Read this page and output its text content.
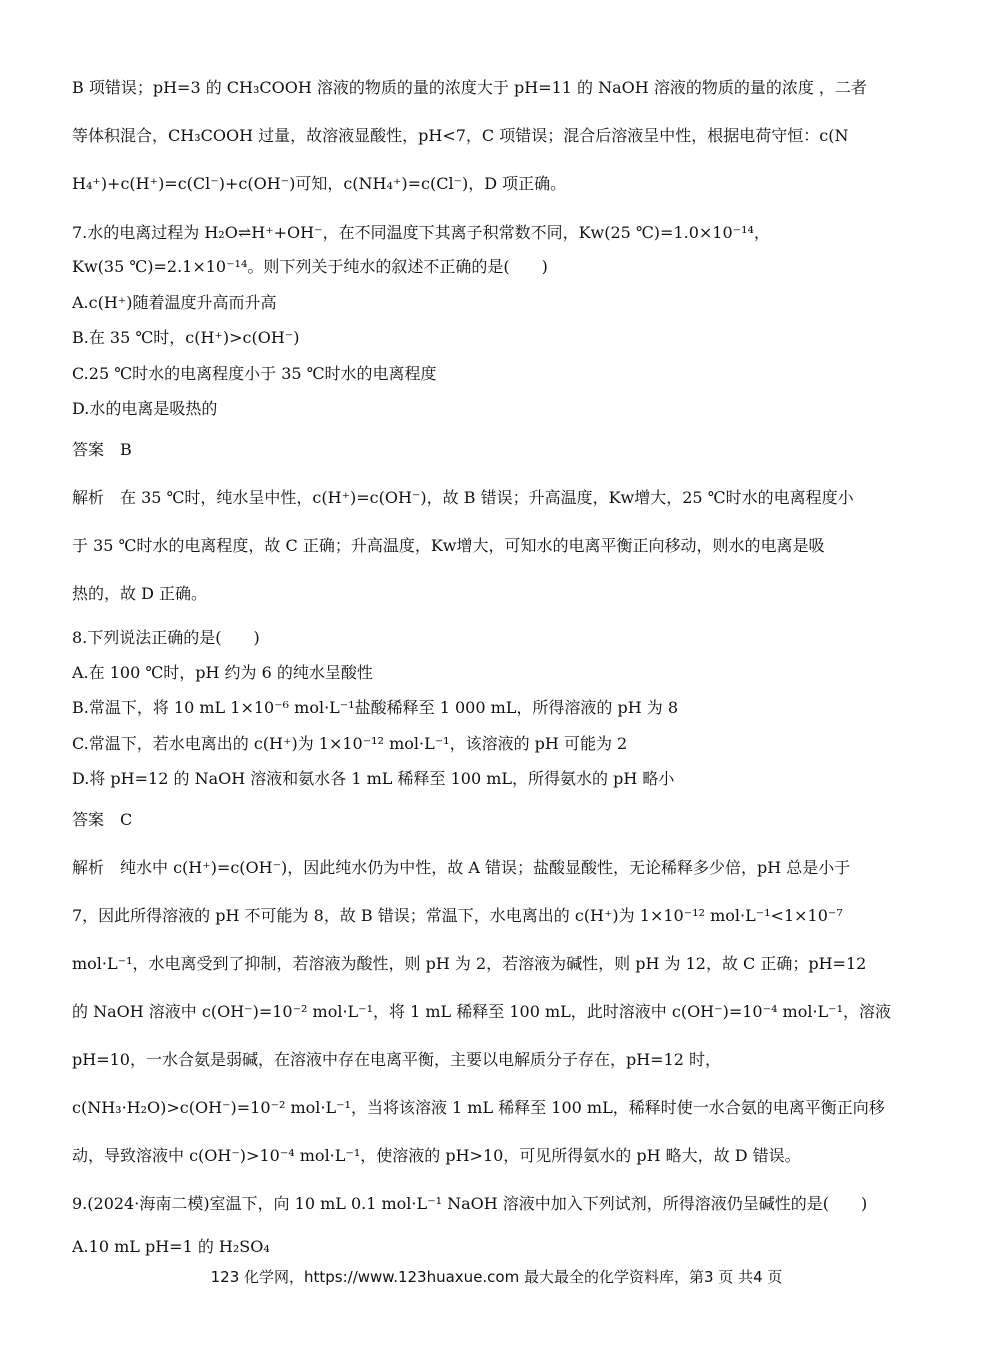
B 项错误；pH=3 的 CH₃COOH 溶液的物质的量的浓度大于 pH=11 的 NaOH 溶液的物质的量的浓度 ，二者
等体积混合，CH₃COOH 过量，故溶液显酸性，pH<7，C 项错误；混合后溶液呈中性，根据电荷守恒：c(N
H₄⁺)+c(H⁺)=c(Cl⁻)+c(OH⁻)可知，c(NH₄⁺)=c(Cl⁻)，D 项正确。
7.水的电离过程为 H₂O⇌H⁺+OH⁻，在不同温度下其离子积常数不同，Kw(25 ℃)=1.0×10⁻¹⁴，
Kw(35 ℃)=2.1×10⁻¹⁴。则下列关于纯水的叙述不正确的是(　　)
A.c(H⁺)随着温度升高而升高
B.在 35 ℃时，c(H⁺)>c(OH⁻)
C.25 ℃时水的电离程度小于 35 ℃时水的电离程度
D.水的电离是吸热的
答案　B
解析　在 35 ℃时，纯水呈中性，c(H⁺)=c(OH⁻)，故 B 错误；升高温度，Kw增大，25 ℃时水的电离程度小
于 35 ℃时水的电离程度，故 C 正确；升高温度，Kw增大，可知水的电离平衡正向移动，则水的电离是吸
热的，故 D 正确。
8.下列说法正确的是(　　)
A.在 100 ℃时，pH 约为 6 的纯水呈酸性
B.常温下，将 10 mL 1×10⁻⁶ mol·L⁻¹盐酸稀释至 1 000 mL，所得溶液的 pH 为 8
C.常温下，若水电离出的 c(H⁺)为 1×10⁻¹² mol·L⁻¹，该溶液的 pH 可能为 2
D.将 pH=12 的 NaOH 溶液和氨水各 1 mL 稀释至 100 mL，所得氨水的 pH 略小
答案　C
解析　纯水中 c(H⁺)=c(OH⁻)，因此纯水仍为中性，故 A 错误；盐酸显酸性，无论稀释多少倍，pH 总是小于
7，因此所得溶液的 pH 不可能为 8，故 B 错误；常温下，水电离出的 c(H⁺)为 1×10⁻¹² mol·L⁻¹<1×10⁻⁷
mol·L⁻¹，水电离受到了抑制，若溶液为酸性，则 pH 为 2，若溶液为碱性，则 pH 为 12，故 C 正确；pH=12
的 NaOH 溶液中 c(OH⁻)=10⁻² mol·L⁻¹，将 1 mL 稀释至 100 mL，此时溶液中 c(OH⁻)=10⁻⁴ mol·L⁻¹，溶液
pH=10，一水合氨是弱碱，在溶液中存在电离平衡，主要以电解质分子存在，pH=12 时，
c(NH₃·H₂O)>c(OH⁻)=10⁻² mol·L⁻¹，当将该溶液 1 mL 稀释至 100 mL，稀释时使一水合氨的电离平衡正向移
动，导致溶液中 c(OH⁻)>10⁻⁴ mol·L⁻¹，使溶液的 pH>10，可见所得氨水的 pH 略大，故 D 错误。
9.(2024·海南二模)室温下，向 10 mL 0.1 mol·L⁻¹ NaOH 溶液中加入下列试剂，所得溶液仍呈碱性的是(　　)
A.10 mL pH=1 的 H₂SO₄
123 化学网，https://www.123huaxue.com 最大最全的化学资料库，第3 页 共4 页
